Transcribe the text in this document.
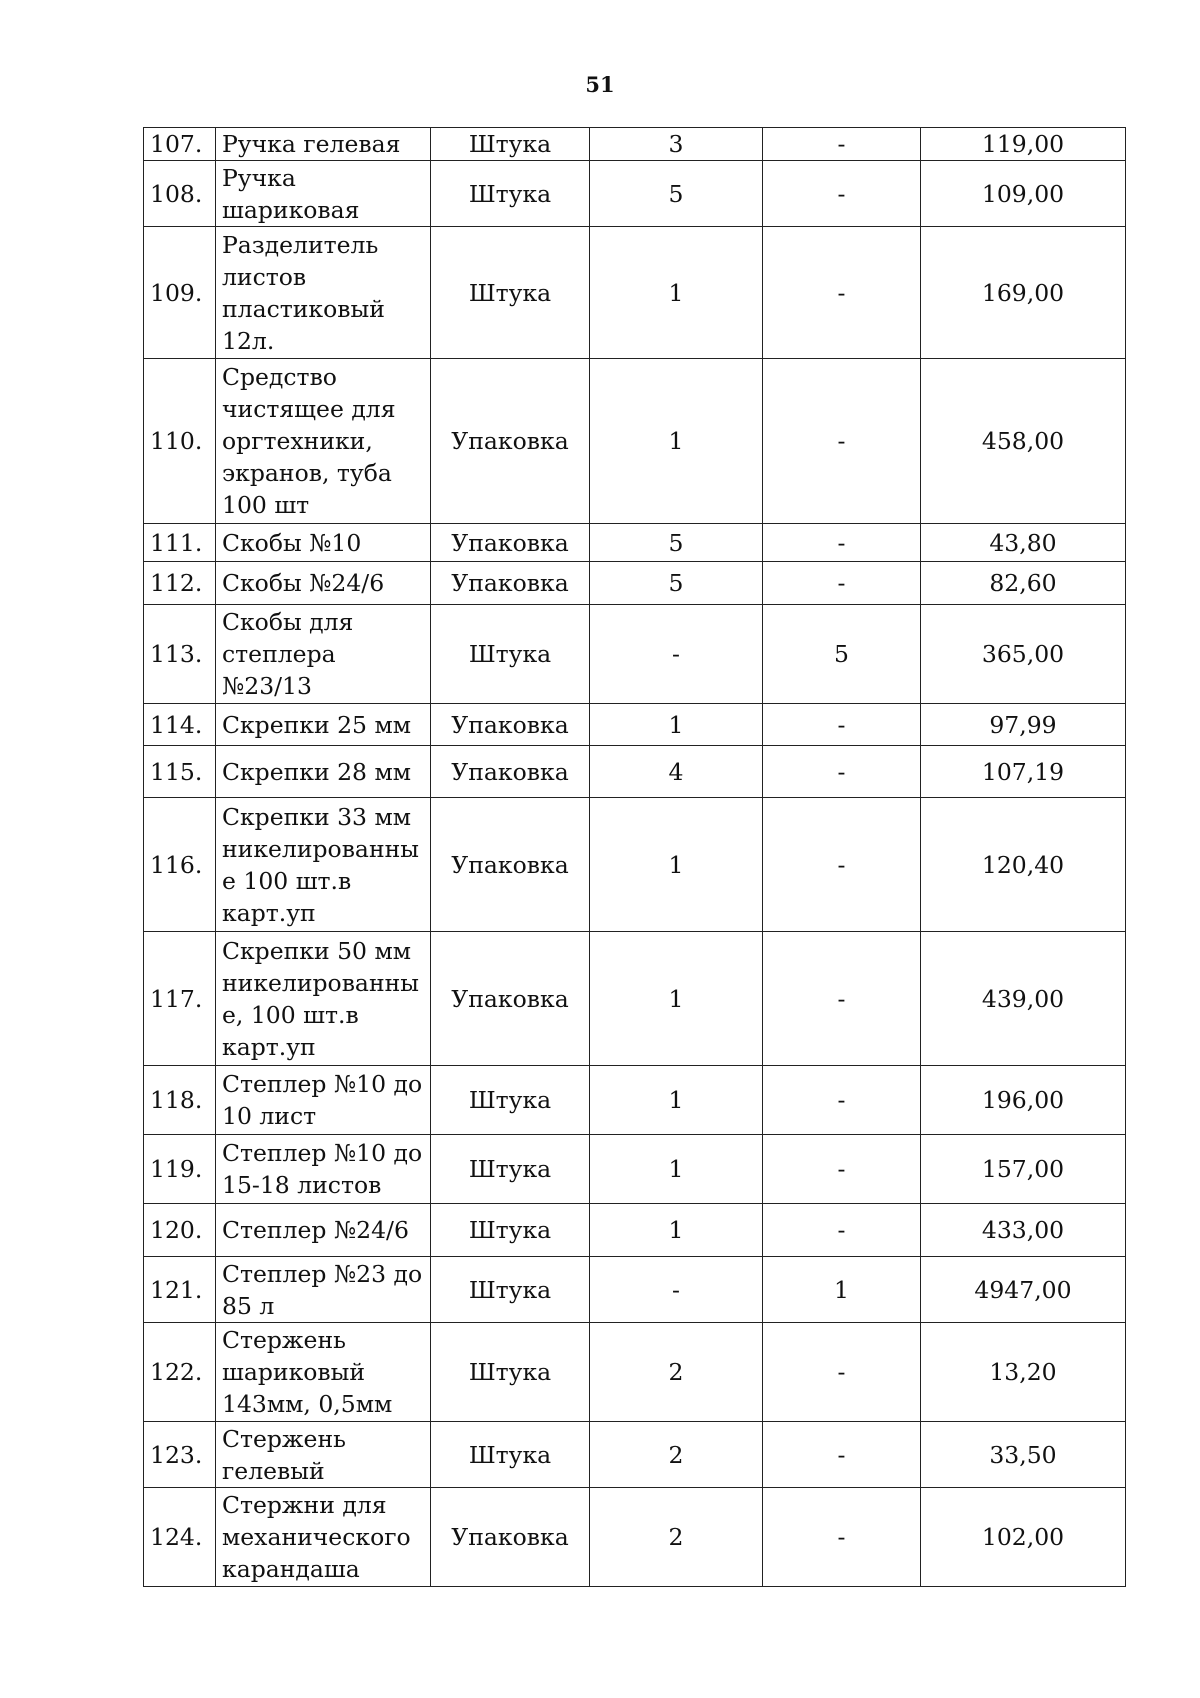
51
107.	Ручка гелевая	Штука	3	-	119,00
108.	Ручка шариковая	Штука	5	-	109,00
109.	Разделитель листов пластиковый 12л.	Штука	1	-	169,00
110.	Средство чистящее для оргтехники, экранов, туба 100 шт	Упаковка	1	-	458,00
111.	Скобы №10	Упаковка	5	-	43,80
112.	Скобы №24/6	Упаковка	5	-	82,60
113.	Скобы для степлера №23/13	Штука	-	5	365,00
114.	Скрепки 25 мм	Упаковка	1	-	97,99
115.	Скрепки 28 мм	Упаковка	4	-	107,19
116.	Скрепки 33 мм никелированны е 100 шт.в карт.уп	Упаковка	1	-	120,40
117.	Скрепки 50 мм никелированны е, 100 шт.в карт.уп	Упаковка	1	-	439,00
118.	Степлер №10 до 10 лист	Штука	1	-	196,00
119.	Степлер №10 до 15-18 листов	Штука	1	-	157,00
120.	Степлер №24/6	Штука	1	-	433,00
121.	Степлер №23 до 85 л	Штука	-	1	4947,00
122.	Стержень шариковый 143мм, 0,5мм	Штука	2	-	13,20
123.	Стержень гелевый	Штука	2	-	33,50
124.	Стержни для механического карандаша	Упаковка	2	-	102,00
